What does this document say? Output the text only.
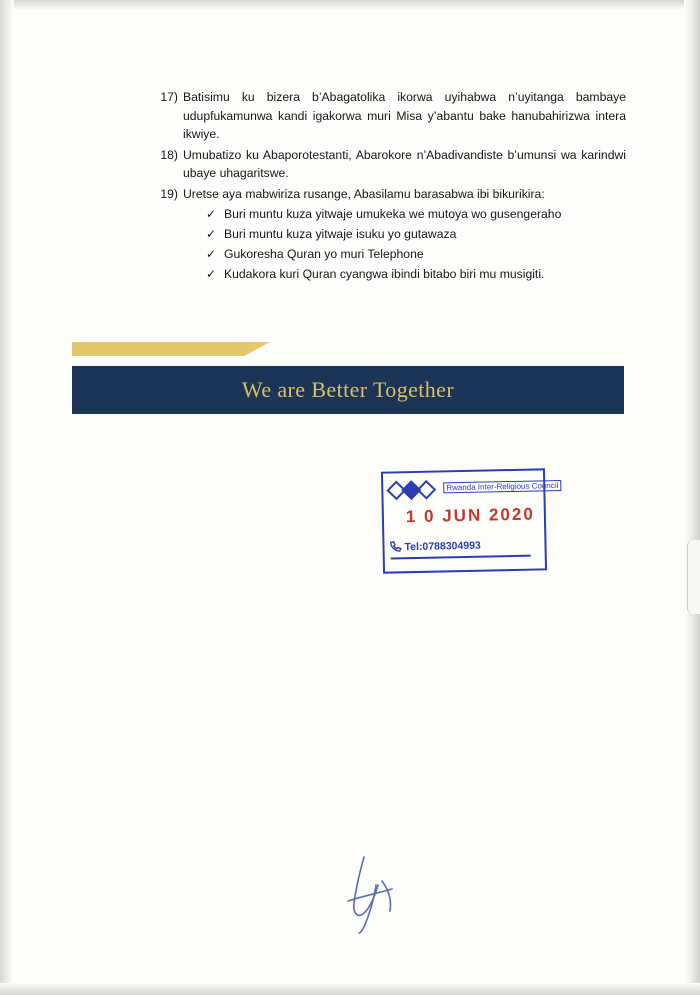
17) Batisimu ku bizera b’Abagatolika ikorwa uyihabwa n’uyitanga bambaye udupfukamunwa kandi igakorwa muri Misa y’abantu bake hanubahirizwa intera ikwiye.
18) Umubatizo ku Abaporotestanti, Abarokore n’Abadivandiste b’umunsi wa karindwi ubaye uhagaritswe.
19) Uretse aya mabwiriza rusange, Abasilamu barasabwa ibi bikurikira:
✓ Buri muntu kuza yitwaje umukeka we mutoya wo gusengeraho
✓ Buri muntu kuza yitwaje isuku yo gutawaza
✓ Gukoresha Quran yo muri Telephone
✓ Kudakora kuri Quran cyangwa ibindi bitabo biri mu musigiti.
We are Better Together
Rwanda Inter-Religious Council
1 0 JUN 2020
Tel:0788304993
